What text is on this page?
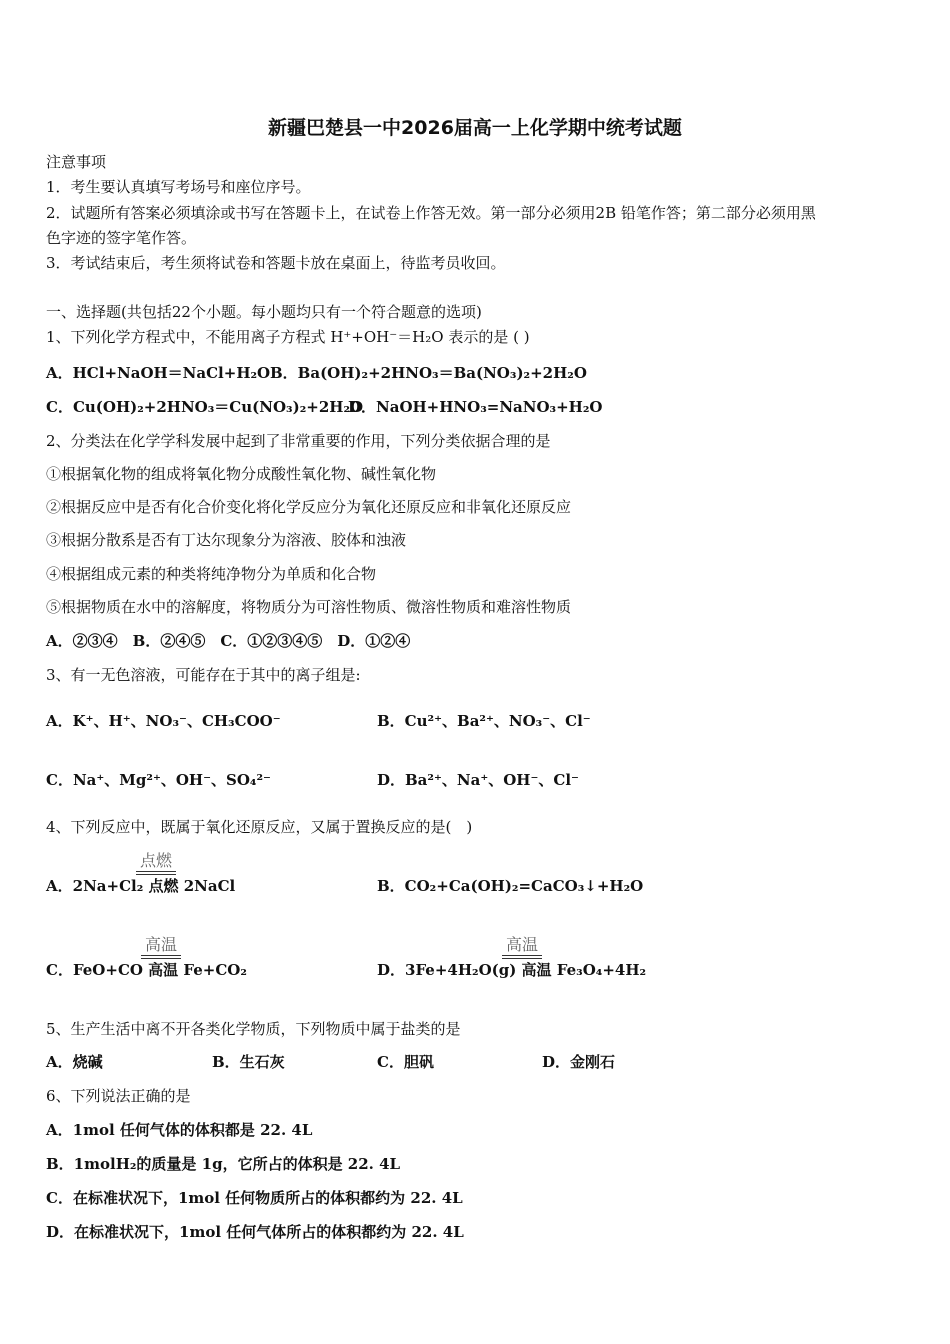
新疆巴楚县一中2026届高一上化学期中统考试题
注意事项
1．考生要认真填写考场号和座位序号。
2．试题所有答案必须填涂或书写在答题卡上，在试卷上作答无效。第一部分必须用2B 铅笔作答；第二部分必须用黑
色字迹的签字笔作答。
3．考试结束后，考生须将试卷和答题卡放在桌面上，待监考员收回。
一、选择题(共包括22个小题。每小题均只有一个符合题意的选项)
1、下列化学方程式中，不能用离子方程式 H⁺+OH⁻＝H₂O 表示的是 ( )
A．HCl+NaOH＝NaCl+H₂O B．Ba(OH)₂+2HNO₃＝Ba(NO₃)₂+2H₂O
C．Cu(OH)₂+2HNO₃＝Cu(NO₃)₂+2H₂O
D．NaOH+HNO₃=NaNO₃+H₂O
2、分类法在化学学科发展中起到了非常重要的作用，下列分类依据合理的是
①根据氧化物的组成将氧化物分成酸性氧化物、碱性氧化物
②根据反应中是否有化合价变化将化学反应分为氧化还原反应和非氧化还原反应
③根据分散系是否有丁达尔现象分为溶液、胶体和浊液
④根据组成元素的种类将纯净物分为单质和化合物
⑤根据物质在水中的溶解度，将物质分为可溶性物质、微溶性物质和难溶性物质
A．②③④　B．②④⑤　C．①②③④⑤　D．①②④
3、有一无色溶液，可能存在于其中的离子组是:
A．K⁺、H⁺、NO₃⁻、CH₃COO⁻	B．Cu²⁺、Ba²⁺、NO₃⁻、Cl⁻
C．Na⁺、Mg²⁺、OH⁻、SO₄²⁻	D．Ba²⁺、Na⁺、OH⁻、Cl⁻
4、下列反应中，既属于氧化还原反应，又属于置换反应的是(　)
点燃
A．2Na+Cl₂ 点燃 2NaCl	B．CO₂+Ca(OH)₂=CaCO₃↓+H₂O
高温	高温
C．FeO+CO 高温 Fe+CO₂	D．3Fe+4H₂O(g) 高温 Fe₃O₄+4H₂
5、生产生活中离不开各类化学物质，下列物质中属于盐类的是
A．烧碱	B．生石灰	C．胆矾	D．金刚石
6、下列说法正确的是
A．1mol 任何气体的体积都是 22. 4L
B．1molH₂的质量是 1g，它所占的体积是 22. 4L
C．在标准状况下，1mol 任何物质所占的体积都约为 22. 4L
D．在标准状况下，1mol 任何气体所占的体积都约为 22. 4L
